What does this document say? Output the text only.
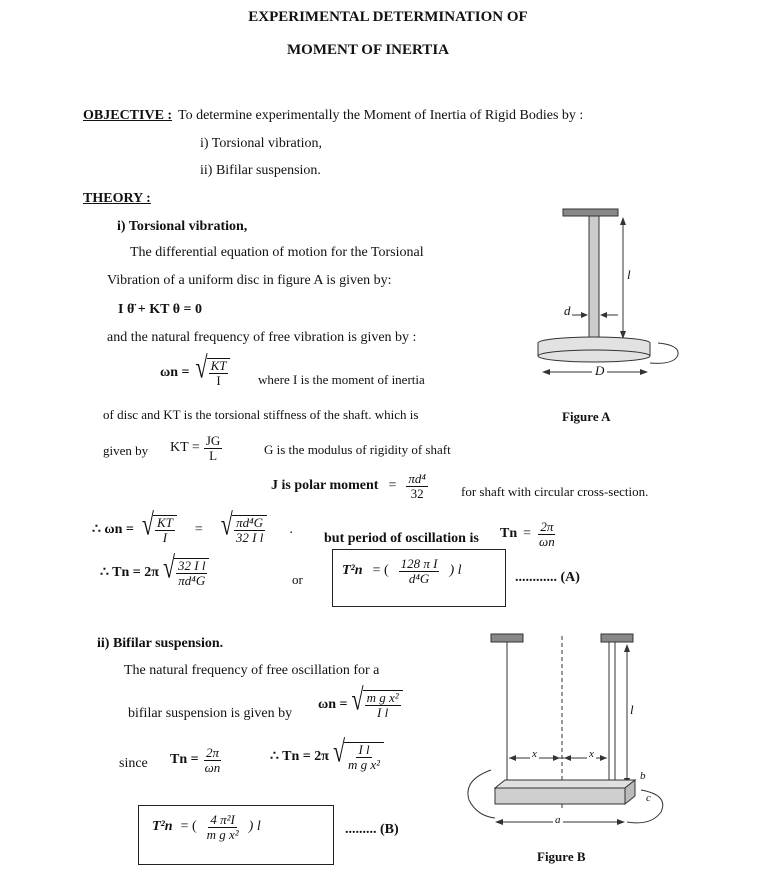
EXPERIMENTAL DETERMINATION OF
MOMENT OF INERTIA
OBJECTIVE : To determine experimentally the Moment of Inertia of Rigid Bodies by :
i) Torsional vibration,
ii) Bifilar suspension.
THEORY :
i) Torsional vibration,
The differential equation of motion for the Torsional
Vibration of a uniform disc in figure A is given by:
I θ̈ + KT θ = 0
and the natural frequency of free vibration is given by :
ωn = √ $\frac{KT}{I}$ where I is the moment of inertia
of disc and KT is the torsional stiffness of the shaft. which is
given by KT = $\frac{JG}{L}$	G is the modulus of rigidity of shaft
J is polar moment = $\frac{\text{πd⁴}}{32}$	for shaft with circular cross-section.
∴ ωn = √ $\frac{KT}{I}$ = √ $\frac{\text{πd⁴G}}{\text{32 I l}}$ .
but period of oscillation is $Tn = \frac{2\pi}{\omega n}$
∴ Tn = 2π √ $\frac{\text{32 I l}}{\text{πd⁴G}}$	or
T²n = ( $\frac{\text{128 π I}}{\text{d⁴G}}$ ) l	............ (A)
l
d
D
Figure A
ii) Bifilar suspension.
The natural frequency of free oscillation for a
bifilar suspension is given by
ωn = √ $\frac{\text{m g x²}}{\text{I l}}$
since $Tn = \frac{2\pi}{\omega n}$	∴ Tn = 2π √ $\frac{\text{I l}}{\text{m g x²}}$
T²n = ( $\frac{\text{4 π²I}}{\text{m g x²}}$ ) l	......... (B)
x	x
l
a
b
c
Figure B
